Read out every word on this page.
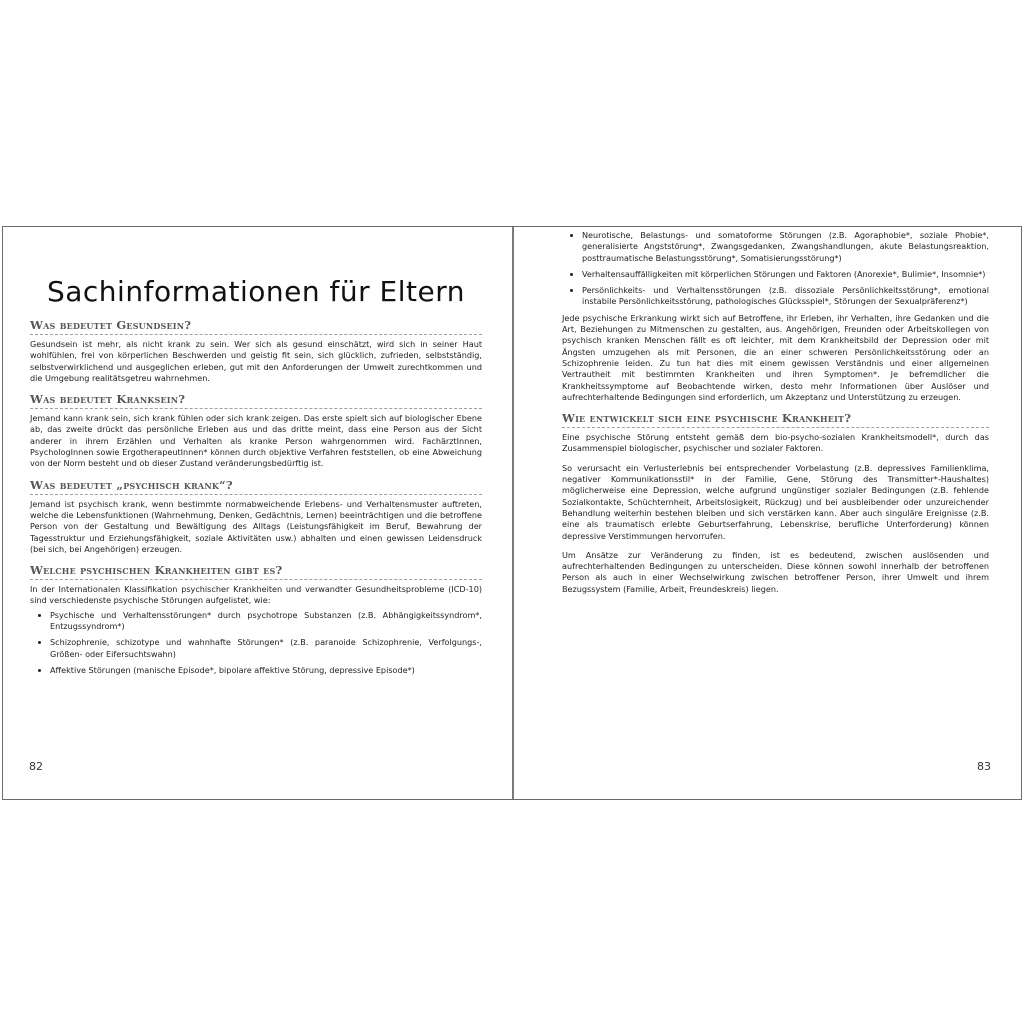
Sachinformationen für Eltern
Was bedeutet Gesundsein?

Gesundsein ist mehr, als nicht krank zu sein. Wer sich als gesund einschätzt, wird sich in seiner Haut wohlfühlen, frei von körperlichen Beschwerden und geistig fit sein, sich glücklich, zufrieden, selbstständig, selbstverwirklichend und ausgeglichen erleben, gut mit den Anforderungen der Umwelt zurechtkommen und die Umgebung realitätsgetreu wahrnehmen.

Was bedeutet Kranksein?

Jemand kann krank sein, sich krank fühlen oder sich krank zeigen. Das erste spielt sich auf biologischer Ebene ab, das zweite drückt das persönliche Erleben aus und das dritte meint, dass eine Person aus der Sicht anderer in ihrem Erzählen und Verhalten als kranke Person wahrgenommen wird. FachärztInnen, PsychologInnen sowie ErgotherapeutInnen* können durch objektive Verfahren feststellen, ob eine Abweichung von der Norm besteht und ob dieser Zustand veränderungsbedürftig ist.

Was bedeutet „psychisch krank“?

Jemand ist psychisch krank, wenn bestimmte normabweichende Erlebens- und Verhaltensmuster auftreten, welche die Lebensfunktionen (Wahrnehmung, Denken, Gedächtnis, Lernen) beeinträchtigen und die betroffene Person von der Gestaltung und Bewältigung des Alltags (Leistungsfähigkeit im Beruf, Bewahrung der Tagesstruktur und Erziehungsfähigkeit, soziale Aktivitäten usw.) abhalten und einen gewissen Leidensdruck (bei sich, bei Angehörigen) erzeugen.

Welche psychischen Krankheiten gibt es?

In der Internationalen Klassifikation psychischer Krankheiten und verwandter Gesundheitsprobleme (ICD-10) sind verschiedenste psychische Störungen aufgelistet, wie:

• Psychische und Verhaltensstörungen* durch psychotrope Substanzen (z.B. Abhängigkeitssyndrom*, Entzugssyndrom*)
• Schizophrenie, schizotype und wahnhafte Störungen* (z.B. paranoide Schizophrenie, Verfolgungs-, Größen- oder Eifersuchtswahn)
• Affektive Störungen (manische Episode*, bipolare affektive Störung, depressive Episode*)
82
• Neurotische, Belastungs- und somatoforme Störungen (z.B. Agoraphobie*, soziale Phobie*, generalisierte Angststörung*, Zwangsgedanken, Zwangshandlungen, akute Belastungsreaktion, posttraumatische Belastungsstörung*, Somatisierungsstörung*)
• Verhaltensauffälligkeiten mit körperlichen Störungen und Faktoren (Anorexie*, Bulimie*, Insomnie*)
• Persönlichkeits- und Verhaltensstörungen (z.B. dissoziale Persönlichkeitsstörung*, emotional instabile Persönlichkeitsstörung, pathologisches Glücksspiel*, Störungen der Sexualpräferenz*)

Jede psychische Erkrankung wirkt sich auf Betroffene, ihr Erleben, ihr Verhalten, ihre Gedanken und die Art, Beziehungen zu Mitmenschen zu gestalten, aus. Angehörigen, Freunden oder Arbeitskollegen von psychisch kranken Menschen fällt es oft leichter, mit dem Krankheitsbild der Depression oder mit Ängsten umzugehen als mit Personen, die an einer schweren Persönlichkeitsstörung oder an Schizophrenie leiden. Zu tun hat dies mit einem gewissen Verständnis und einer allgemeinen Vertrautheit mit bestimmten Krankheiten und ihren Symptomen*. Je befremdlicher die Krankheitssymptome auf Beobachtende wirken, desto mehr Informationen über Auslöser und aufrechterhaltende Bedingungen sind erforderlich, um Akzeptanz und Unterstützung zu erzeugen.

Wie entwickelt sich eine psychische Krankheit?

Eine psychische Störung entsteht gemäß dem bio-psycho-sozialen Krankheitsmodell*, durch das Zusammenspiel biologischer, psychischer und sozialer Faktoren.

So verursacht ein Verlusterlebnis bei entsprechender Vorbelastung (z.B. depressives Familienklima, negativer Kommunikationsstil* in der Familie, Gene, Störung des Transmitter*-Haushaltes) möglicherweise eine Depression, welche aufgrund ungünstiger sozialer Bedingungen (z.B. fehlende Sozialkontakte, Schüchternheit, Arbeitslosigkeit, Rückzug) und bei ausbleibender oder unzureichender Behandlung weiterhin bestehen bleiben und sich verstärken kann. Aber auch singuläre Ereignisse (z.B. eine als traumatisch erlebte Geburtserfahrung, Lebenskrise, berufliche Unterforderung) können depressive Verstimmungen hervorrufen.

Um Ansätze zur Veränderung zu finden, ist es bedeutend, zwischen auslösenden und aufrechterhaltenden Bedingungen zu unterscheiden. Diese können sowohl innerhalb der betroffenen Person als auch in einer Wechselwirkung zwischen betroffener Person, ihrer Umwelt und ihrem Bezugssystem (Familie, Arbeit, Freundeskreis) liegen.

83
